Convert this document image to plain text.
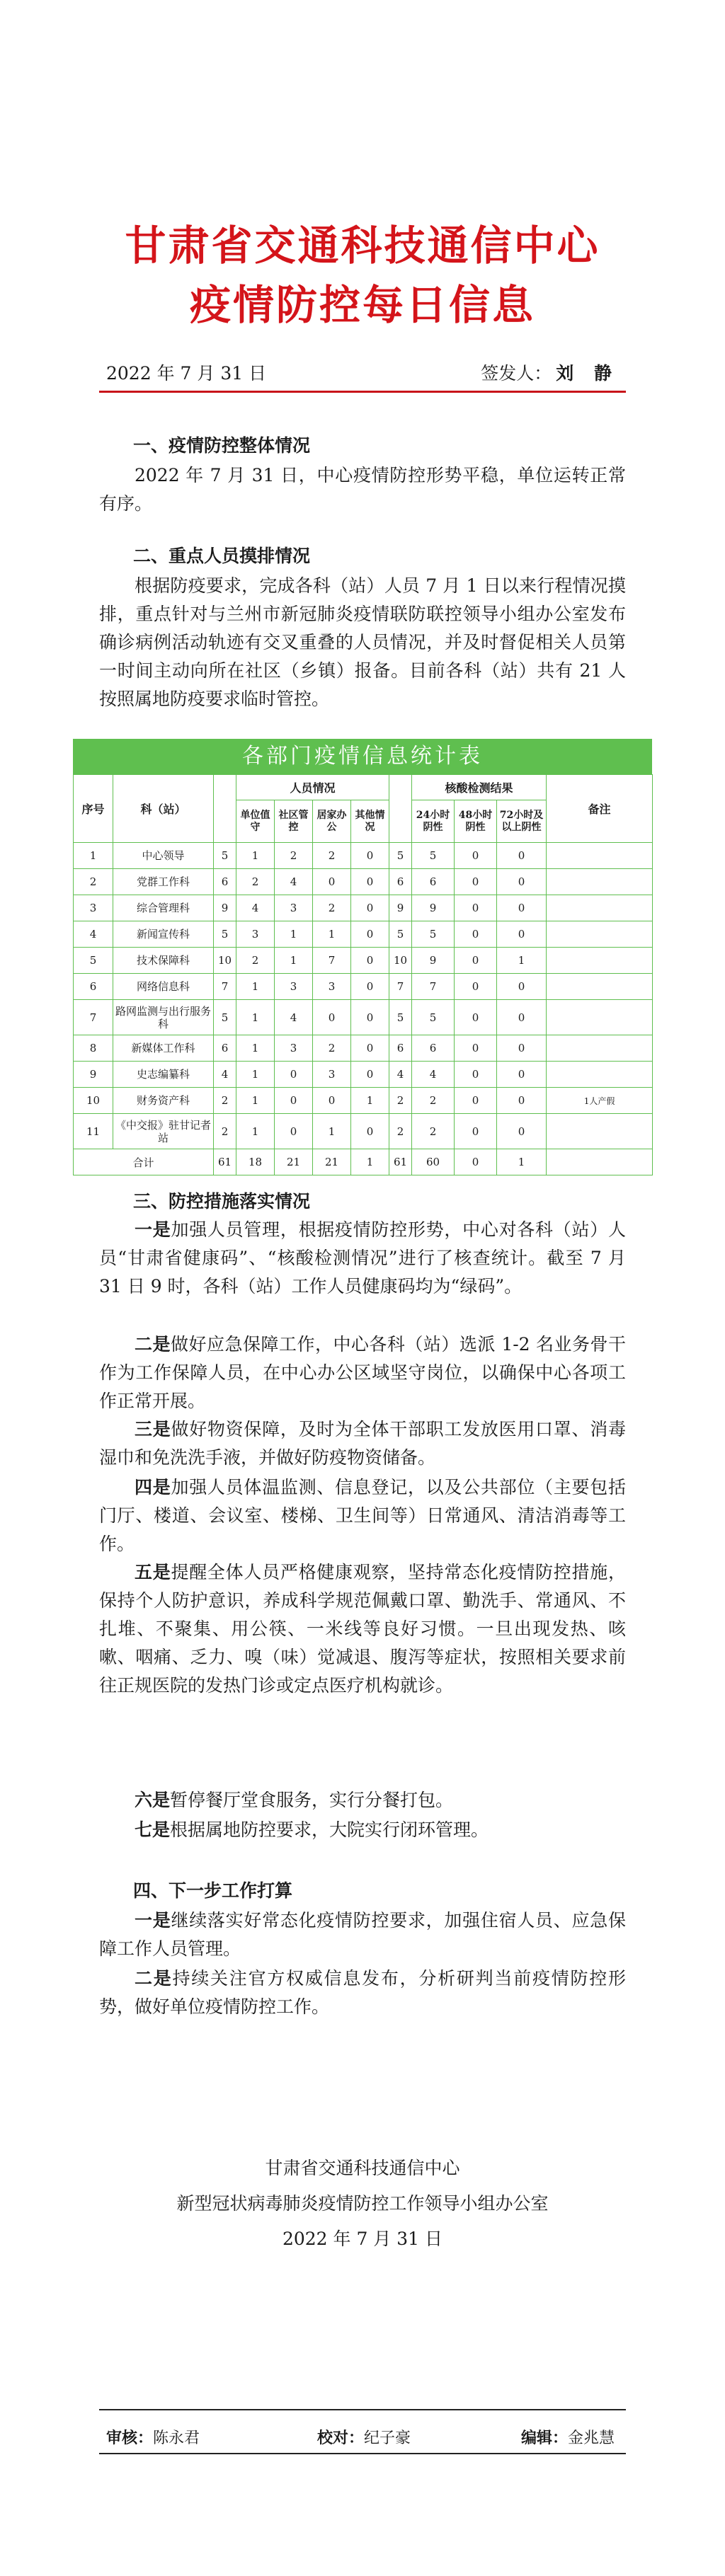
甘肃省交通科技通信中心
疫情防控每日信息
2022 年 7 月 31 日	签发人： 刘 静
一、疫情防控整体情况
2022 年 7 月 31 日，中心疫情防控形势平稳，单位运转正常有序。
二、重点人员摸排情况
根据防疫要求，完成各科（站）人员 7 月 1 日以来行程情况摸排，重点针对与兰州市新冠肺炎疫情联防联控领导小组办公室发布确诊病例活动轨迹有交叉重叠的人员情况，并及时督促相关人员第一时间主动向所在社区（乡镇）报备。目前各科（站）共有 21 人按照属地防疫要求临时管控。
各部门疫情信息统计表
序号	科（站）		人员情况					核酸检测结果			备注
			单位值守	社区管控	居家办公	其他情况		24小时阴性	48小时阴性	72小时及以上阴性	
1	中心领导	5	1	2	2	0	5	5	0	0	
2	党群工作科	6	2	4	0	0	6	6	0	0	
3	综合管理科	9	4	3	2	0	9	9	0	0	
4	新闻宣传科	5	3	1	1	0	5	5	0	0	
5	技术保障科	10	2	1	7	0	10	9	0	1	
6	网络信息科	7	1	3	3	0	7	7	0	0	
7	路网监测与出行服务科	5	1	4	0	0	5	5	0	0	
8	新媒体工作科	6	1	3	2	0	6	6	0	0	
9	史志编纂科	4	1	0	3	0	4	4	0	0	
10	财务资产科	2	1	0	0	1	2	2	0	0	1人产假
11	《中交报》驻甘记者站	2	1	0	1	0	2	2	0	0	
合计		61	18	21	21	1	61	60	0	1	
三、防控措施落实情况
一是加强人员管理，根据疫情防控形势，中心对各科（站）人员“甘肃省健康码”、“核酸检测情况”进行了核查统计。截至 7 月 31 日 9 时，各科（站）工作人员健康码均为“绿码”。
二是做好应急保障工作，中心各科（站）选派 1-2 名业务骨干作为工作保障人员，在中心办公区域坚守岗位，以确保中心各项工作正常开展。
三是做好物资保障，及时为全体干部职工发放医用口罩、消毒湿巾和免洗洗手液，并做好防疫物资储备。
四是加强人员体温监测、信息登记，以及公共部位（主要包括门厅、楼道、会议室、楼梯、卫生间等）日常通风、清洁消毒等工作。
五是提醒全体人员严格健康观察，坚持常态化疫情防控措施，保持个人防护意识，养成科学规范佩戴口罩、勤洗手、常通风、不扎堆、不聚集、用公筷、一米线等良好习惯。一旦出现发热、咳嗽、咽痛、乏力、嗅（味）觉减退、腹泻等症状，按照相关要求前往正规医院的发热门诊或定点医疗机构就诊。
六是暂停餐厅堂食服务，实行分餐打包。
七是根据属地防控要求，大院实行闭环管理。
四、下一步工作打算
一是继续落实好常态化疫情防控要求，加强住宿人员、应急保障工作人员管理。
二是持续关注官方权威信息发布，分析研判当前疫情防控形势，做好单位疫情防控工作。
甘肃省交通科技通信中心
新型冠状病毒肺炎疫情防控工作领导小组办公室
2022 年 7 月 31 日
审核：陈永君	校对：纪子豪	编辑：金兆慧
